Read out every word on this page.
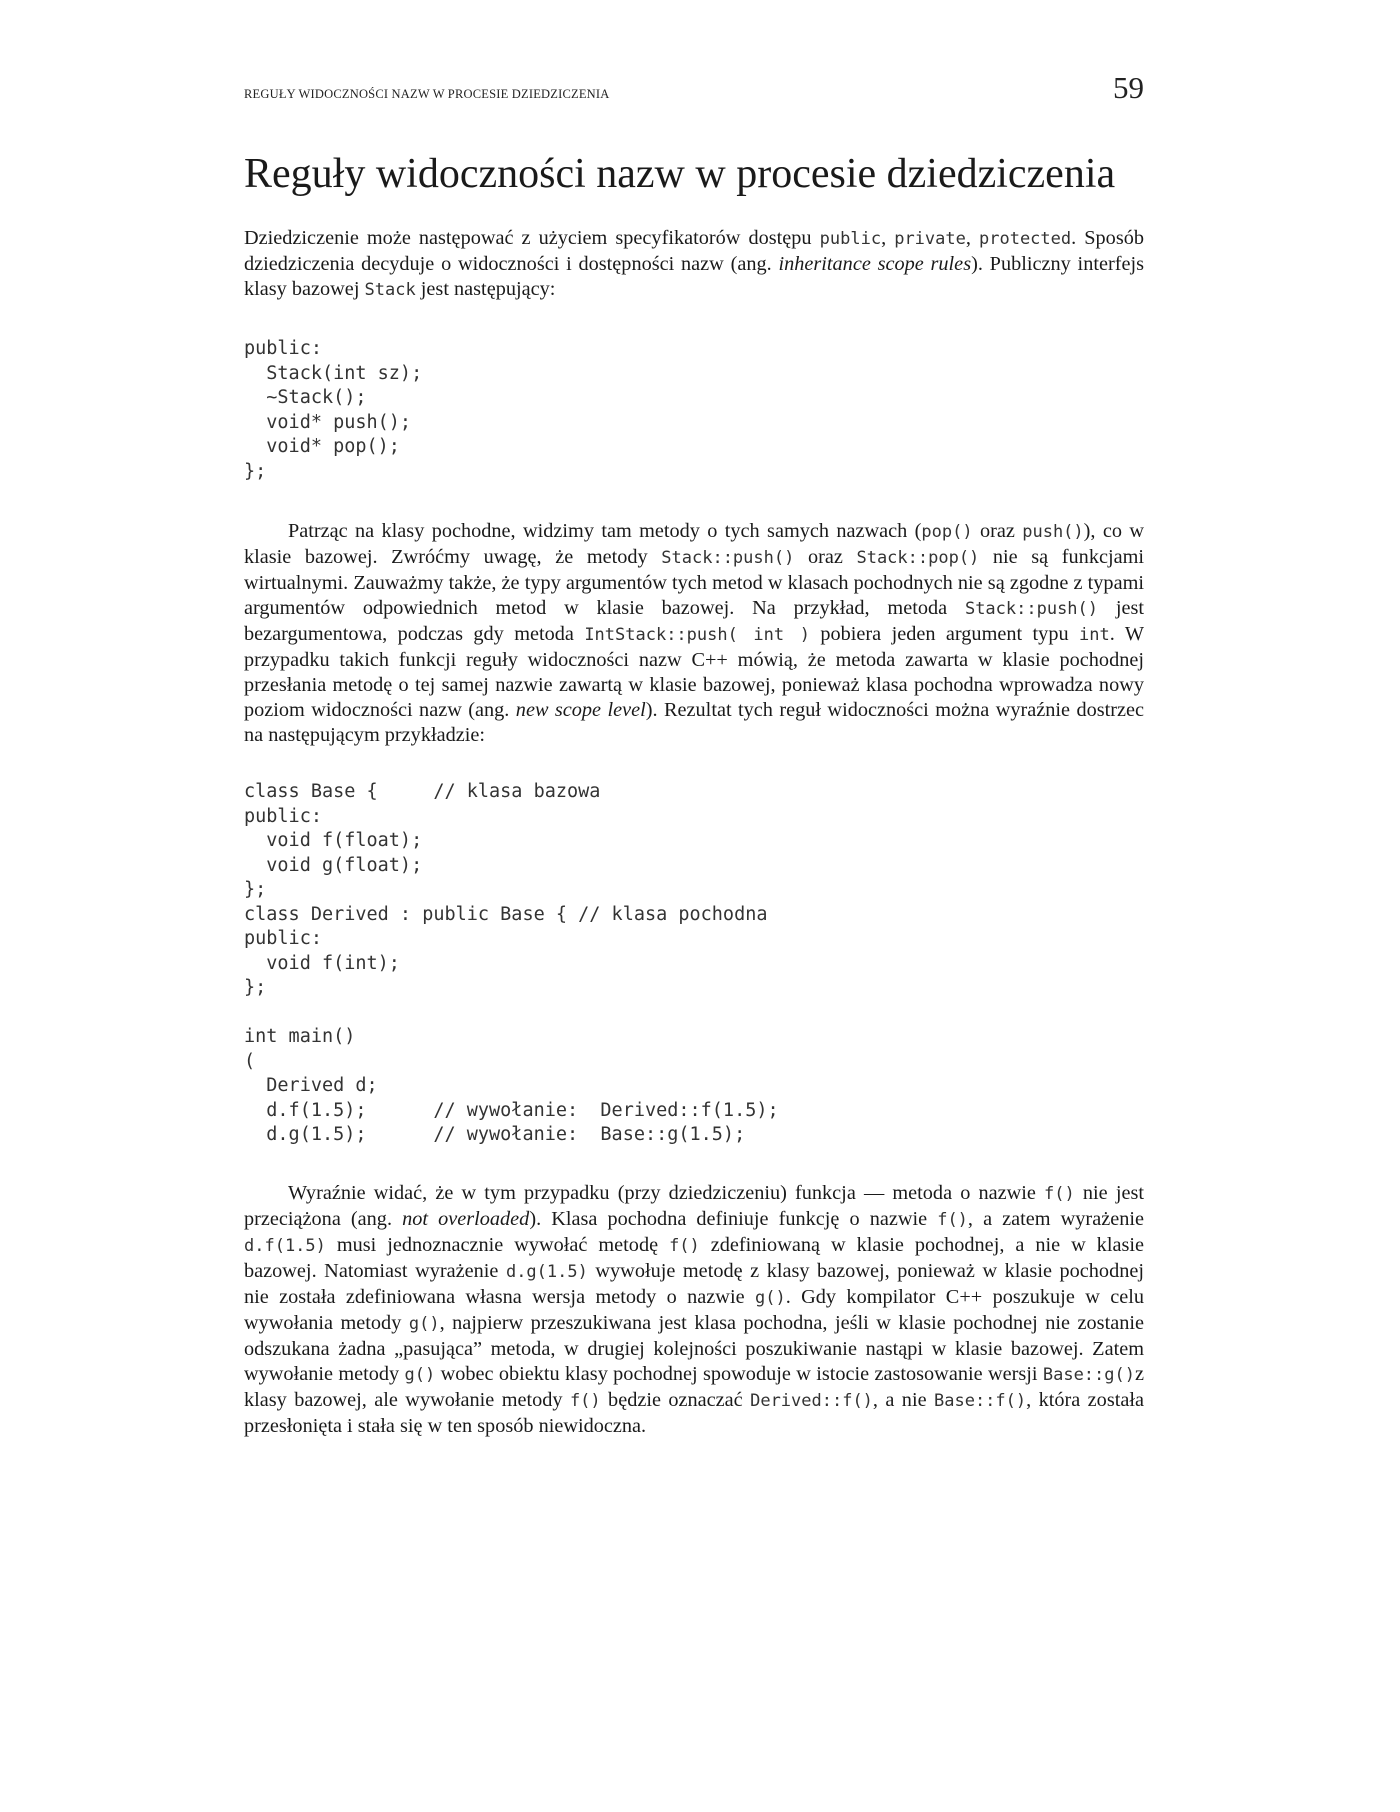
REGUŁY WIDOCZNOŚCI NAZW W PROCESIE DZIEDZICZENIA	59
Reguły widoczności nazw w procesie dziedziczenia

Dziedziczenie może następować z użyciem specyfikatorów dostępu public, private, protected. Sposób dziedziczenia decyduje o widoczności i dostępności nazw (ang. inheritance scope rules). Publiczny interfejs klasy bazowej Stack jest następujący:

public:
Stack(int sz);
~Stack();
void* push();
void* pop();
};

Patrząc na klasy pochodne, widzimy tam metody o tych samych nazwach (pop() oraz push()), co w klasie bazowej. Zwróćmy uwagę, że metody Stack::push() oraz Stack::pop() nie są funkcjami wirtualnymi. Zauważmy także, że typy argumentów tych metod w klasach pochodnych nie są zgodne z typami argumentów odpowiednich metod w klasie bazowej. Na przykład, metoda Stack::push() jest bezargumentowa, podczas gdy metoda IntStack::push( int ) pobiera jeden argument typu int. W przypadku takich funkcji reguły widoczności nazw C++ mówią, że metoda zawarta w klasie pochodnej przesłania metodę o tej samej nazwie zawartą w klasie bazowej, ponieważ klasa pochodna wprowadza nowy poziom widoczności nazw (ang. new scope level). Rezultat tych reguł widoczności można wyraźnie dostrzec na następującym przykładzie:

class Base {     // klasa bazowa
public:
void f(float);
void g(float);
};
class Derived : public Base { // klasa pochodna
public:
void f(int);
};
int main()
(
Derived d;
d.f(1.5);      // wywołanie:  Derived::f(1.5);
d.g(1.5);      // wywołanie:  Base::g(1.5);

Wyraźnie widać, że w tym przypadku (przy dziedziczeniu) funkcja — metoda o nazwie f() nie jest przeciążona (ang. not overloaded). Klasa pochodna definiuje funkcję o nazwie f(), a zatem wyrażenie d.f(1.5) musi jednoznacznie wywołać metodę f() zdefiniowaną w klasie pochodnej, a nie w klasie bazowej. Natomiast wyrażenie d.g(1.5) wywołuje metodę z klasy bazowej, ponieważ w klasie pochodnej nie została zdefiniowana własna wersja metody o nazwie g(). Gdy kompilator C++ poszukuje w celu wywołania metody g(), najpierw przeszukiwana jest klasa pochodna, jeśli w klasie pochodnej nie zostanie odszukana żadna „pasująca” metoda, w drugiej kolejności poszukiwanie nastąpi w klasie bazowej. Zatem wywołanie metody g() wobec obiektu klasy pochodnej spowoduje w istocie zastosowanie wersji Base::g()z klasy bazowej, ale wywołanie metody f() będzie oznaczać Derived::f(), a nie Base::f(), która została przesłonięta i stała się w ten sposób niewidoczna.
